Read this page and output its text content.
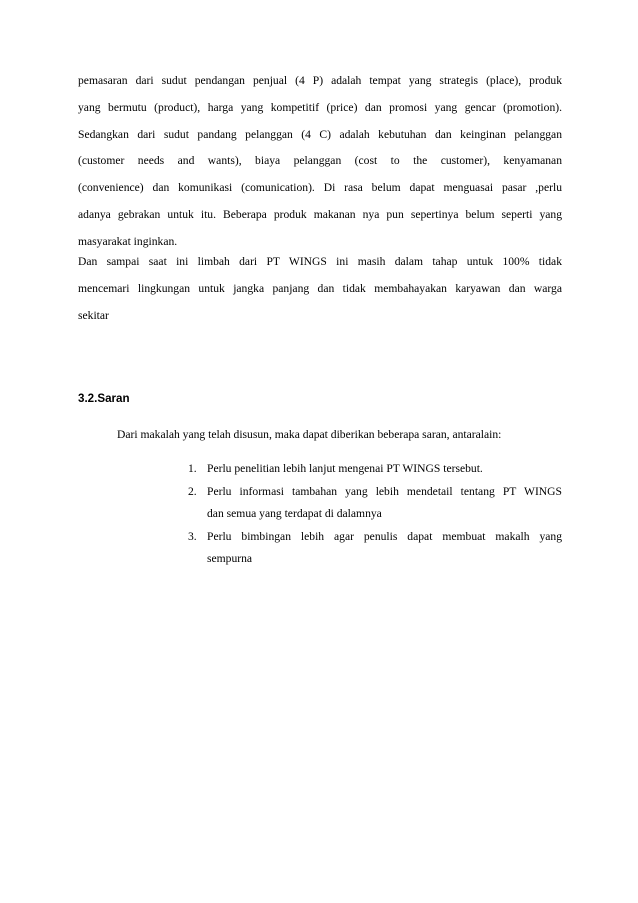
pemasaran dari sudut pendangan penjual (4 P) adalah tempat yang strategis (place), produk
yang bermutu (product), harga yang kompetitif (price) dan promosi yang gencar (promotion).
Sedangkan dari sudut pandang pelanggan (4 C) adalah kebutuhan dan keinginan pelanggan
(customer needs and wants), biaya pelanggan (cost to the customer), kenyamanan
(convenience) dan komunikasi (comunication). Di rasa belum dapat menguasai pasar ,perlu
adanya gebrakan untuk itu. Beberapa produk makanan nya pun sepertinya belum seperti yang
masyarakat inginkan.
Dan sampai saat ini limbah dari PT WINGS ini masih dalam tahap untuk 100% tidak
mencemari lingkungan untuk jangka panjang dan tidak membahayakan karyawan dan warga
sekitar
3.2.Saran
Dari makalah yang telah disusun, maka dapat diberikan beberapa saran, antaralain:
1. Perlu penelitian lebih lanjut mengenai PT WINGS tersebut.
2. Perlu informasi tambahan yang lebih mendetail tentang PT WINGS
dan semua yang terdapat di dalamnya
3. Perlu bimbingan lebih agar penulis dapat membuat makalh yang
sempurna
